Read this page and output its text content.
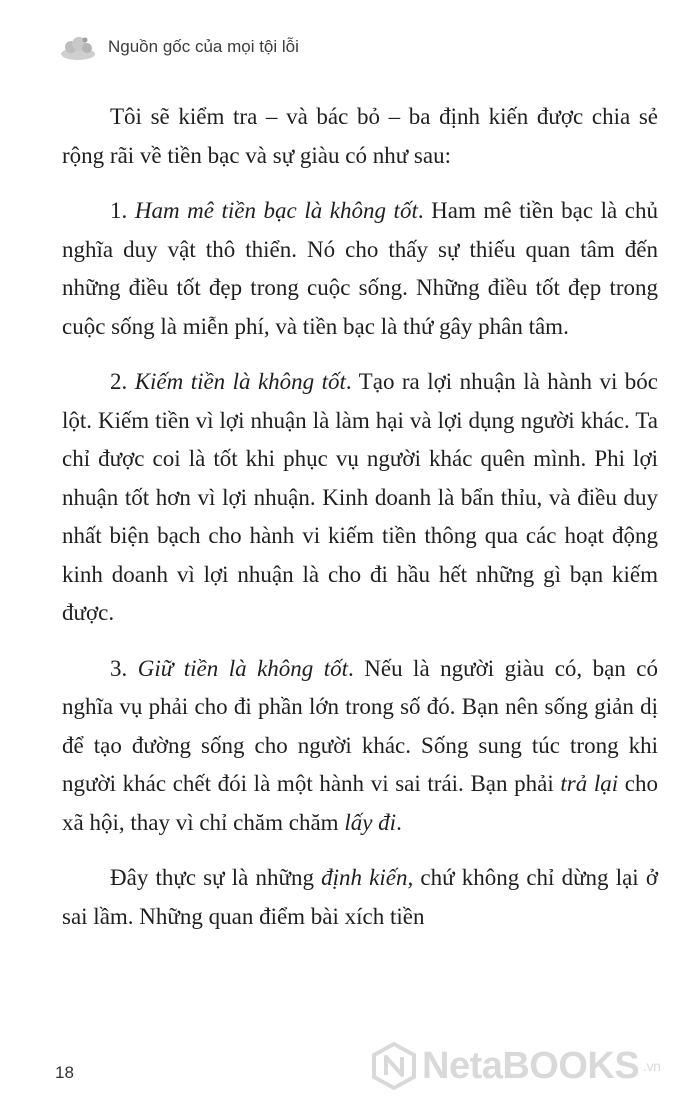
Nguồn gốc của mọi tội lỗi

Tôi sẽ kiểm tra – và bác bỏ – ba định kiến được chia sẻ rộng rãi về tiền bạc và sự giàu có như sau:

1. Ham mê tiền bạc là không tốt. Ham mê tiền bạc là chủ nghĩa duy vật thô thiển. Nó cho thấy sự thiếu quan tâm đến những điều tốt đẹp trong cuộc sống. Những điều tốt đẹp trong cuộc sống là miễn phí, và tiền bạc là thứ gây phân tâm.

2. Kiếm tiền là không tốt. Tạo ra lợi nhuận là hành vi bóc lột. Kiếm tiền vì lợi nhuận là làm hại và lợi dụng người khác. Ta chỉ được coi là tốt khi phục vụ người khác quên mình. Phi lợi nhuận tốt hơn vì lợi nhuận. Kinh doanh là bẩn thỉu, và điều duy nhất biện bạch cho hành vi kiếm tiền thông qua các hoạt động kinh doanh vì lợi nhuận là cho đi hầu hết những gì bạn kiếm được.

3. Giữ tiền là không tốt. Nếu là người giàu có, bạn có nghĩa vụ phải cho đi phần lớn trong số đó. Bạn nên sống giản dị để tạo đường sống cho người khác. Sống sung túc trong khi người khác chết đói là một hành vi sai trái. Bạn phải trả lại cho xã hội, thay vì chỉ chăm chăm lấy đi.

Đây thực sự là những định kiến, chứ không chỉ dừng lại ở sai lầm. Những quan điểm bài xích tiền

18	NetaBOOKS .vn
